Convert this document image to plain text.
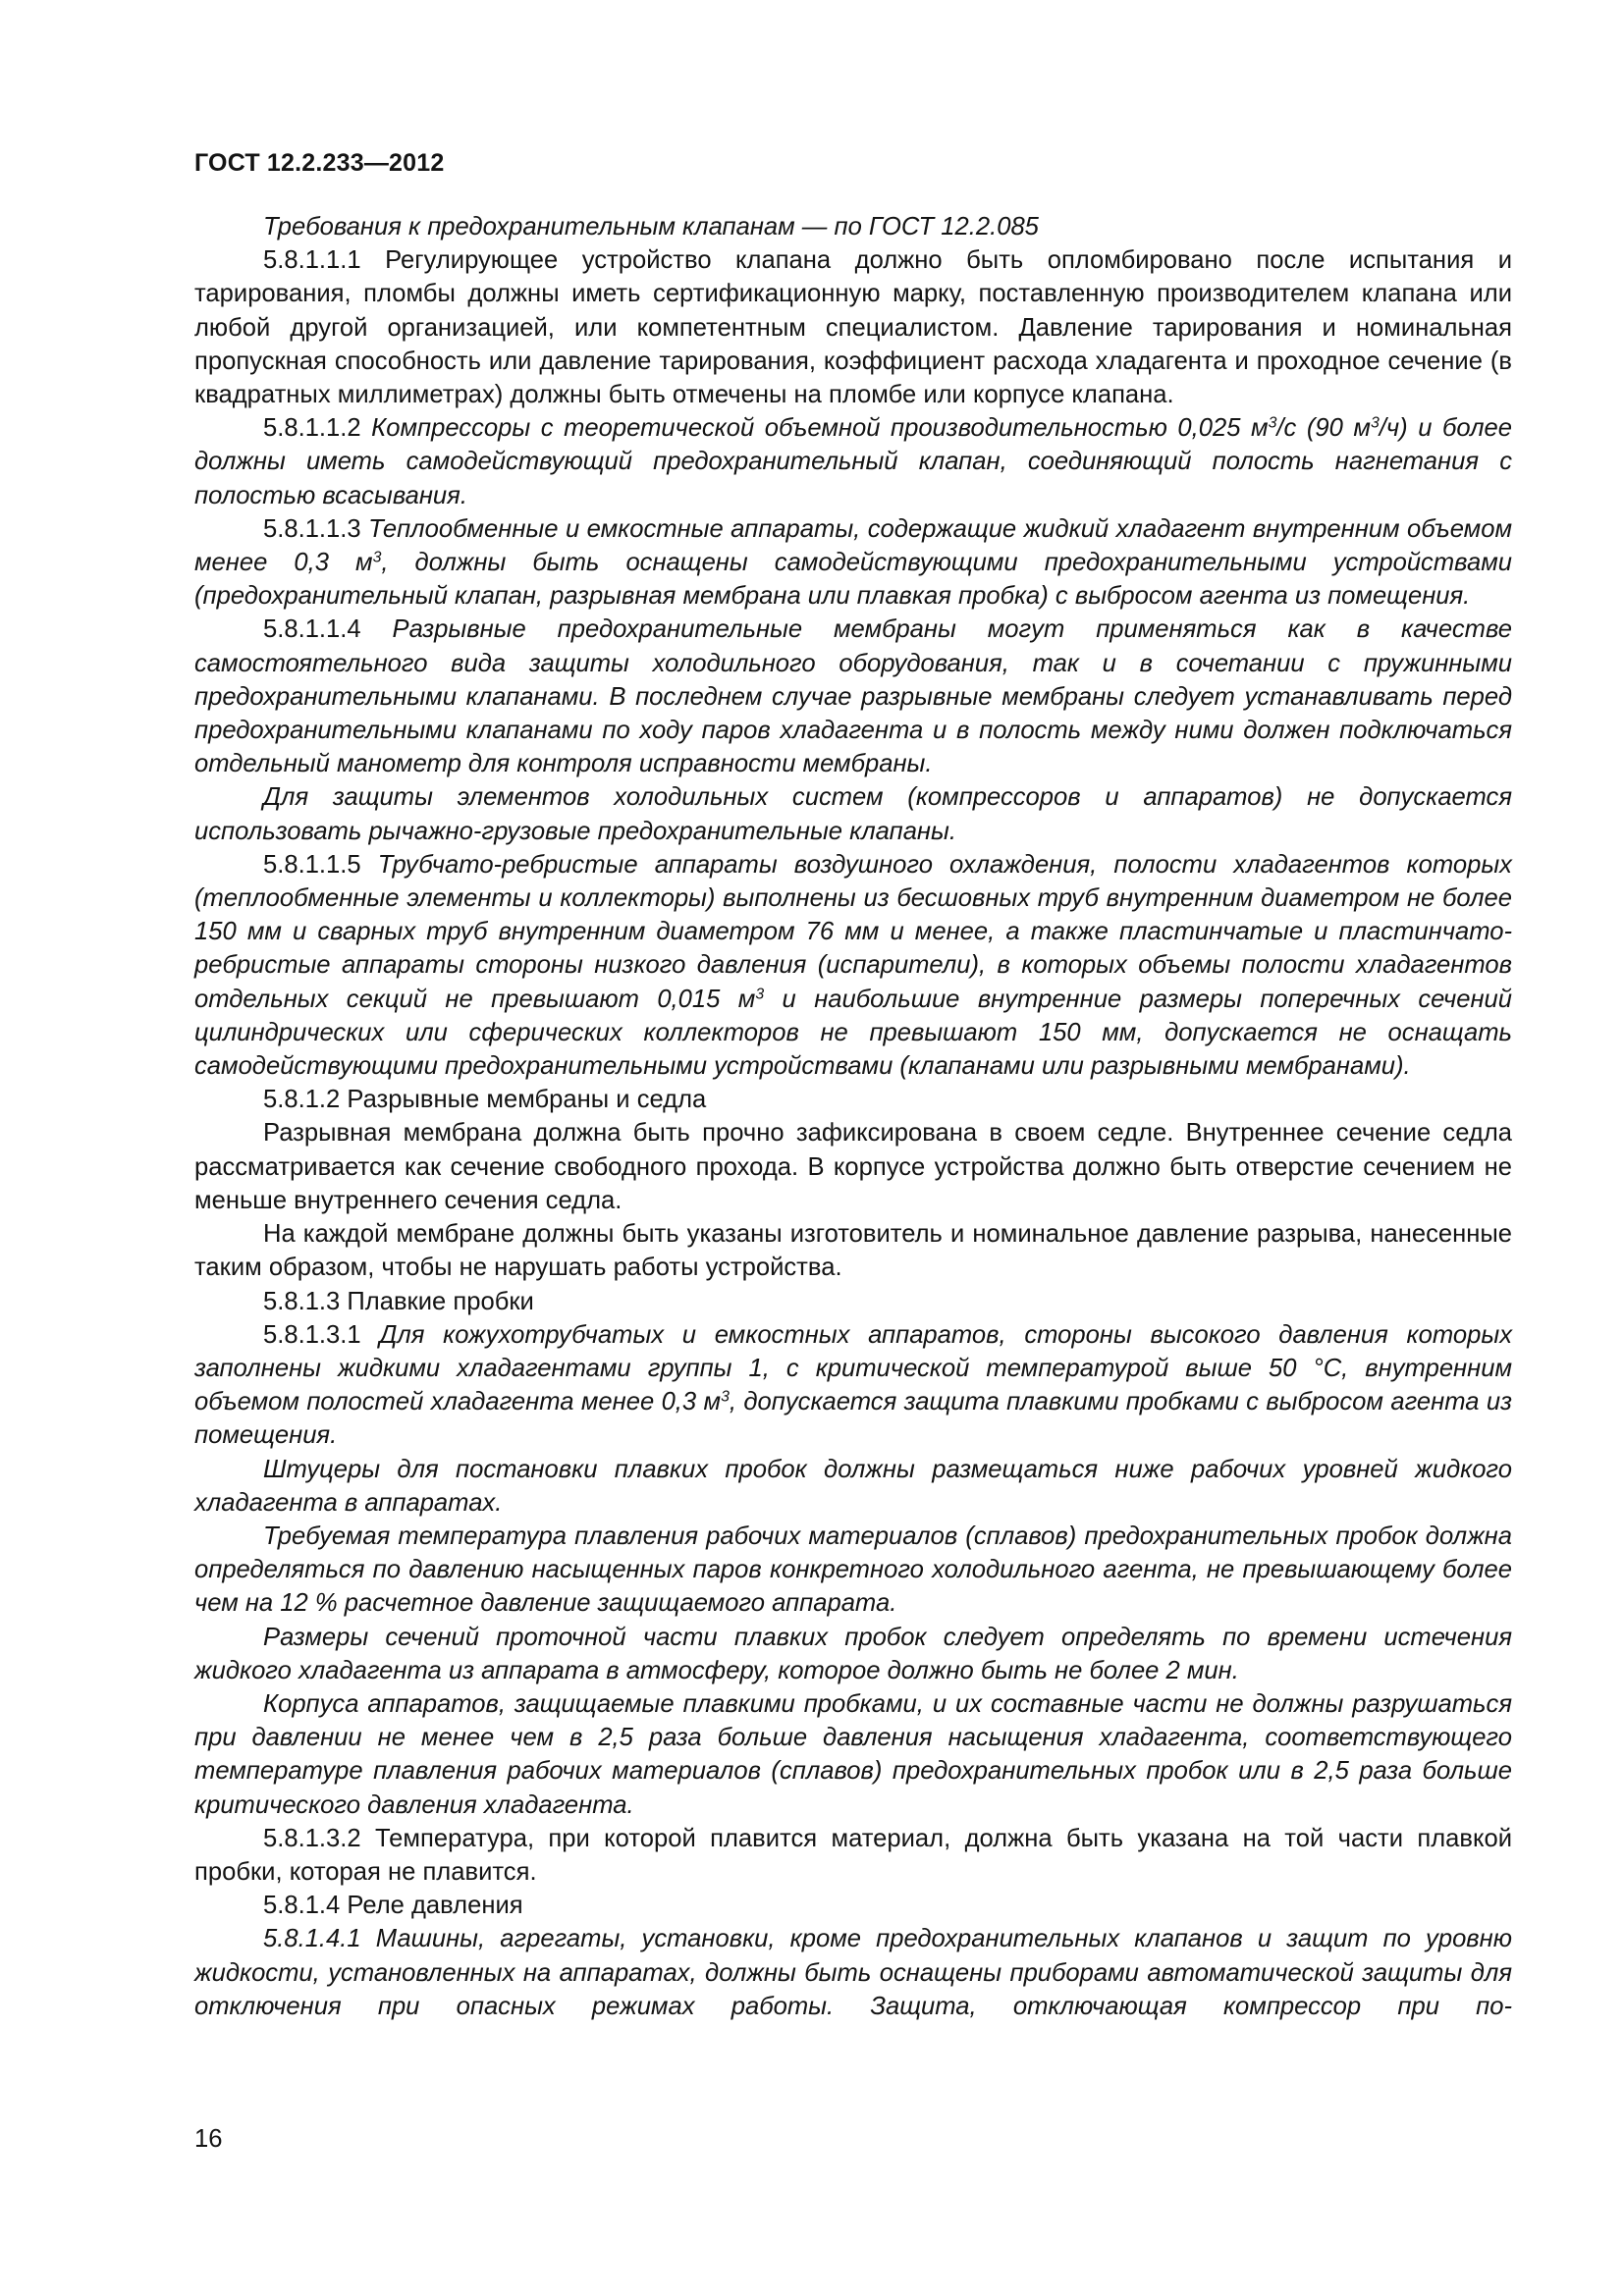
ГОСТ 12.2.233—2012

Требования к предохранительным клапанам — по ГОСТ 12.2.085

5.8.1.1.1 Регулирующее устройство клапана должно быть опломбировано после испытания и тарирования, пломбы должны иметь сертификационную марку, поставленную производителем клапана или любой другой организацией, или компетентным специалистом. Давление тарирования и номинальная пропускная способность или давление тарирования, коэффициент расхода хладагента и проходное сечение (в квадратных миллиметрах) должны быть отмечены на пломбе или корпусе клапана.

5.8.1.1.2 Компрессоры с теоретической объемной производительностью 0,025 $м^3/с$ (90 $м^3/ч$) и более должны иметь самодействующий предохранительный клапан, соединяющий полость нагнетания с полостью всасывания.

5.8.1.1.3 Теплообменные и емкостные аппараты, содержащие жидкий хладагент внутренним объемом менее 0,3 $м^3$, должны быть оснащены самодействующими предохранительными устройствами (предохранительный клапан, разрывная мембрана или плавкая пробка) с выбросом агента из помещения.

5.8.1.1.4 Разрывные предохранительные мембраны могут применяться как в качестве самостоятельного вида защиты холодильного оборудования, так и в сочетании с пружинными предохранительными клапанами. В последнем случае разрывные мембраны следует устанавливать перед предохранительными клапанами по ходу паров хладагента и в полость между ними должен подключаться отдельный манометр для контроля исправности мембраны.

Для защиты элементов холодильных систем (компрессоров и аппаратов) не допускается использовать рычажно-грузовые предохранительные клапаны.

5.8.1.1.5 Трубчато-ребристые аппараты воздушного охлаждения, полости хладагентов которых (теплообменные элементы и коллекторы) выполнены из бесшовных труб внутренним диаметром не более 150 мм и сварных труб внутренним диаметром 76 мм и менее, а также пластинчатые и пластинчато-ребристые аппараты стороны низкого давления (испарители), в которых объемы полости хладагентов отдельных секций не превышают 0,015 $м^3$ и наибольшие внутренние размеры поперечных сечений цилиндрических или сферических коллекторов не превышают 150 мм, допускается не оснащать самодействующими предохранительными устройствами (клапанами или разрывными мембранами).

5.8.1.2 Разрывные мембраны и седла

Разрывная мембрана должна быть прочно зафиксирована в своем седле. Внутреннее сечение седла рассматривается как сечение свободного прохода. В корпусе устройства должно быть отверстие сечением не меньше внутреннего сечения седла.

На каждой мембране должны быть указаны изготовитель и номинальное давление разрыва, нанесенные таким образом, чтобы не нарушать работы устройства.

5.8.1.3 Плавкие пробки

5.8.1.3.1 Для кожухотрубчатых и емкостных аппаратов, стороны высокого давления которых заполнены жидкими хладагентами группы 1, с критической температурой выше 50 °С, внутренним объемом полостей хладагента менее 0,3 $м^3$, допускается защита плавкими пробками с выбросом агента из помещения.

Штуцеры для постановки плавких пробок должны размещаться ниже рабочих уровней жидкого хладагента в аппаратах.

Требуемая температура плавления рабочих материалов (сплавов) предохранительных пробок должна определяться по давлению насыщенных паров конкретного холодильного агента, не превышающему более чем на 12 % расчетное давление защищаемого аппарата.

Размеры сечений проточной части плавких пробок следует определять по времени истечения жидкого хладагента из аппарата в атмосферу, которое должно быть не более 2 мин.

Корпуса аппаратов, защищаемые плавкими пробками, и их составные части не должны разрушаться при давлении не менее чем в 2,5 раза больше давления насыщения хладагента, соответствующего температуре плавления рабочих материалов (сплавов) предохранительных пробок или в 2,5 раза больше критического давления хладагента.

5.8.1.3.2 Температура, при которой плавится материал, должна быть указана на той части плавкой пробки, которая не плавится.

5.8.1.4 Реле давления

5.8.1.4.1 Машины, агрегаты, установки, кроме предохранительных клапанов и защит по уровню жидкости, установленных на аппаратах, должны быть оснащены приборами автоматической защиты для отключения при опасных режимах работы. Защита, отключающая компрессор при по-

16
